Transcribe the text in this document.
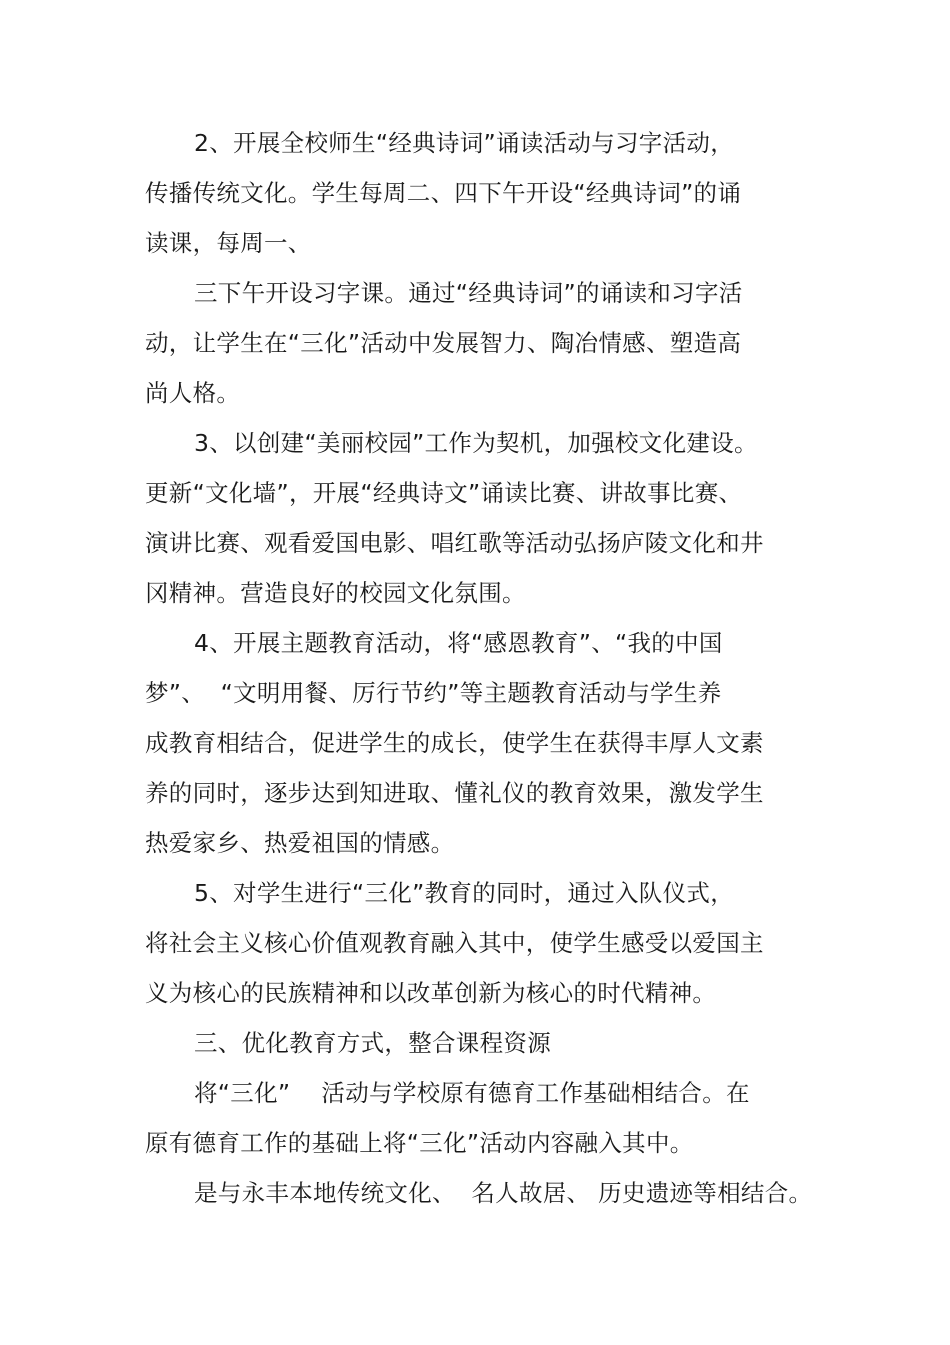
2、开展全校师生“经典诗词”诵读活动与习字活动，

传播传统文化。学生每周二、四下午开设“经典诗词”的诵

读课，每周一、

三下午开设习字课。通过“经典诗词”的诵读和习字活

动，让学生在“三化”活动中发展智力、陶冶情感、塑造高

尚人格。

3、以创建“美丽校园”工作为契机，加强校文化建设。

更新“文化墙”，开展“经典诗文”诵读比赛、讲故事比赛、

演讲比赛、观看爱国电影、唱红歌等活动弘扬庐陵文化和井

冈精神。营造良好的校园文化氛围。

4、开展主题教育活动，将“感恩教育”、“我的中国

梦”、  “文明用餐、厉行节约”等主题教育活动与学生养

成教育相结合，促进学生的成长，使学生在获得丰厚人文素

养的同时，逐步达到知进取、懂礼仪的教育效果，激发学生

热爱家乡、热爱祖国的情感。

5、对学生进行“三化”教育的同时，通过入队仪式，

将社会主义核心价值观教育融入其中，使学生感受以爱国主

义为核心的民族精神和以改革创新为核心的时代精神。

三、优化教育方式，整合课程资源

将“三化”    活动与学校原有德育工作基础相结合。在

原有德育工作的基础上将“三化”活动内容融入其中。

是与永丰本地传统文化、  名人故居、 历史遗迹等相结合。
